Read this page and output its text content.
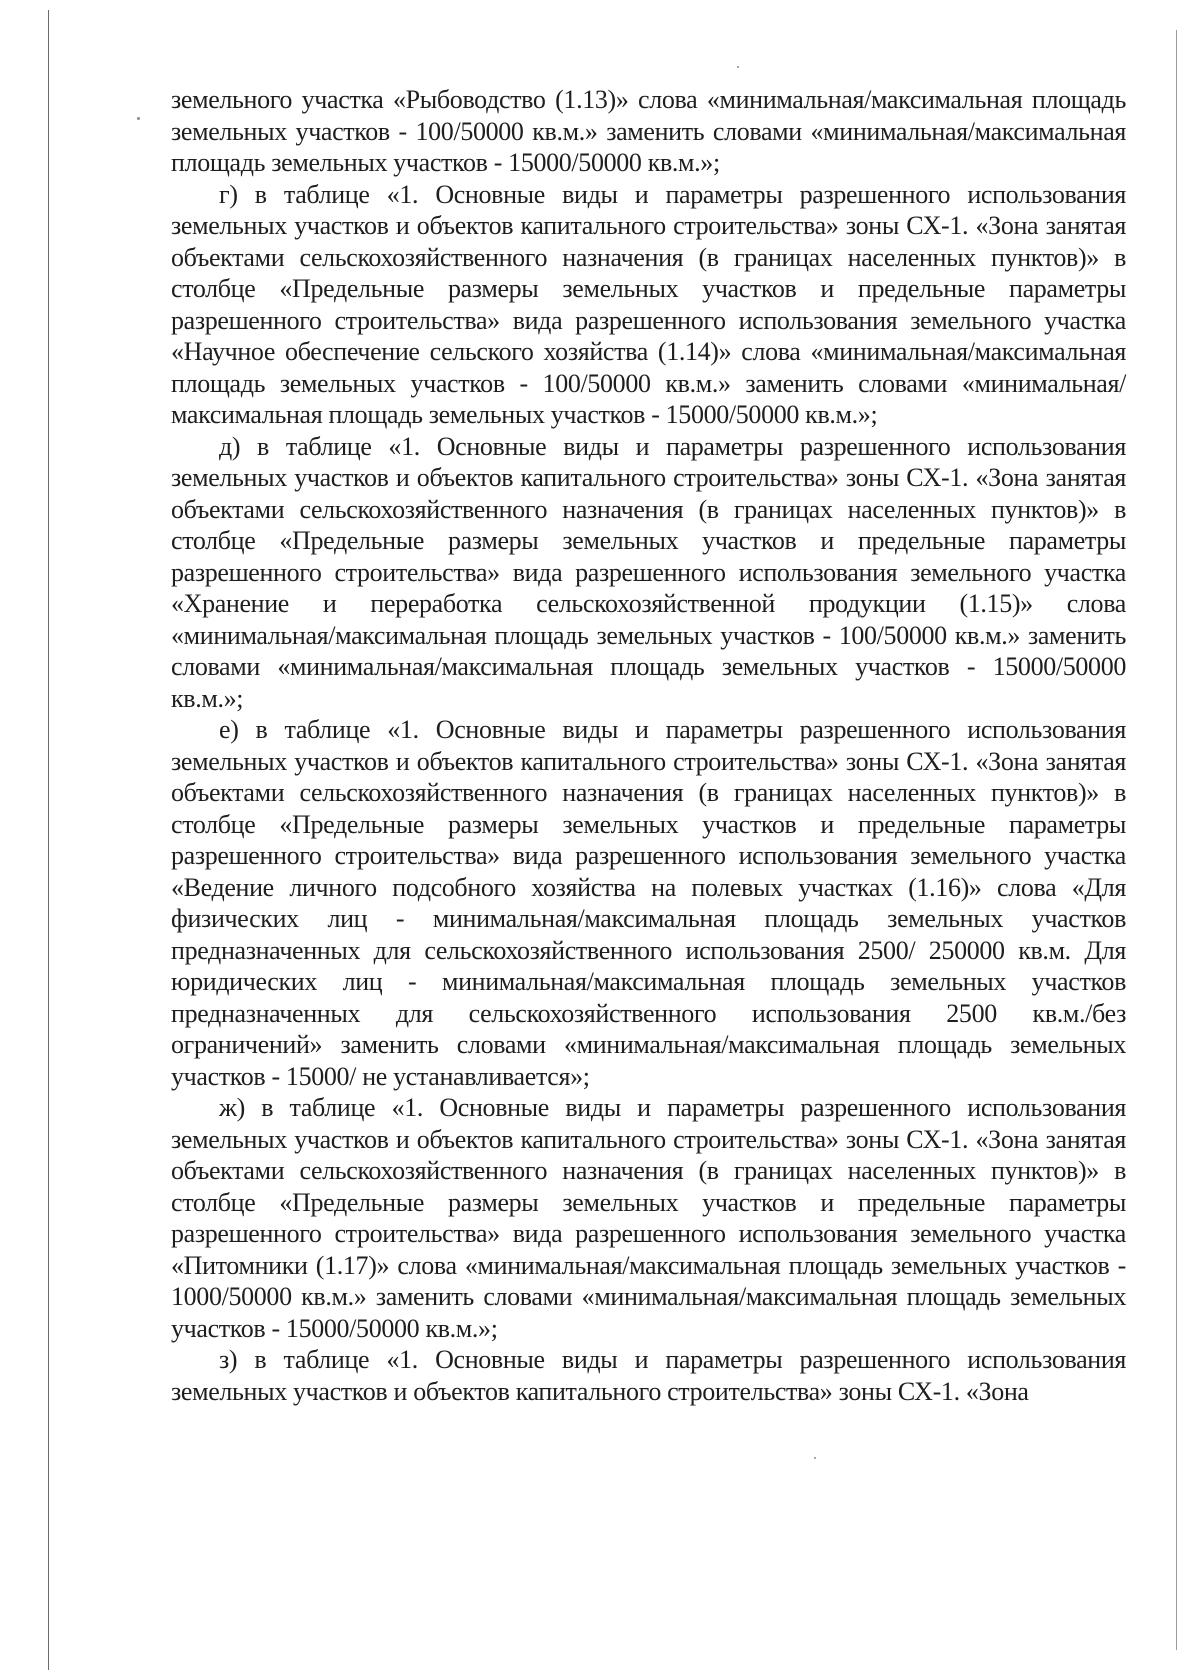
земельного участка «Рыбоводство (1.13)» слова «минимальная/максимальная площадь земельных участков - 100/50000 кв.м.» заменить словами «минимальная/максимальная площадь земельных участков - 15000/50000 кв.м.»;

г) в таблице «1. Основные виды и параметры разрешенного использования земельных участков и объектов капитального строительства» зоны СХ-1. «Зона занятая объектами сельскохозяйственного назначения (в границах населенных пунктов)» в столбце «Предельные размеры земельных участков и предельные параметры разрешенного строительства» вида разрешенного использования земельного участка «Научное обеспечение сельского хозяйства (1.14)» слова «минимальная/максимальная площадь земельных участков - 100/50000 кв.м.» заменить словами «минимальная/максимальная площадь земельных участков - 15000/50000 кв.м.»;

д) в таблице «1. Основные виды и параметры разрешенного использования земельных участков и объектов капитального строительства» зоны СХ-1. «Зона занятая объектами сельскохозяйственного назначения (в границах населенных пунктов)» в столбце «Предельные размеры земельных участков и предельные параметры разрешенного строительства» вида разрешенного использования земельного участка «Хранение и переработка сельскохозяйственной продукции (1.15)» слова «минимальная/максимальная площадь земельных участков - 100/50000 кв.м.» заменить словами «минимальная/максимальная площадь земельных участков - 15000/50000 кв.м.»;

е) в таблице «1. Основные виды и параметры разрешенного использования земельных участков и объектов капитального строительства» зоны СХ-1. «Зона занятая объектами сельскохозяйственного назначения (в границах населенных пунктов)» в столбце «Предельные размеры земельных участков и предельные параметры разрешенного строительства» вида разрешенного использования земельного участка «Ведение личного подсобного хозяйства на полевых участках (1.16)» слова «Для физических лиц - минимальная/максимальная площадь земельных участков предназначенных для сельскохозяйственного использования 2500/ 250000 кв.м. Для юридических лиц - минимальная/максимальная площадь земельных участков предназначенных для сельскохозяйственного использования 2500 кв.м./без ограничений» заменить словами «минимальная/максимальная площадь земельных участков - 15000/ не устанавливается»;

ж) в таблице «1. Основные виды и параметры разрешенного использования земельных участков и объектов капитального строительства» зоны СХ-1. «Зона занятая объектами сельскохозяйственного назначения (в границах населенных пунктов)» в столбце «Предельные размеры земельных участков и предельные параметры разрешенного строительства» вида разрешенного использования земельного участка «Питомники (1.17)» слова «минимальная/максимальная площадь земельных участков - 1000/50000 кв.м.» заменить словами «минимальная/максимальная площадь земельных участков - 15000/50000 кв.м.»;

з) в таблице «1. Основные виды и параметры разрешенного использования земельных участков и объектов капитального строительства» зоны СХ-1. «Зона
